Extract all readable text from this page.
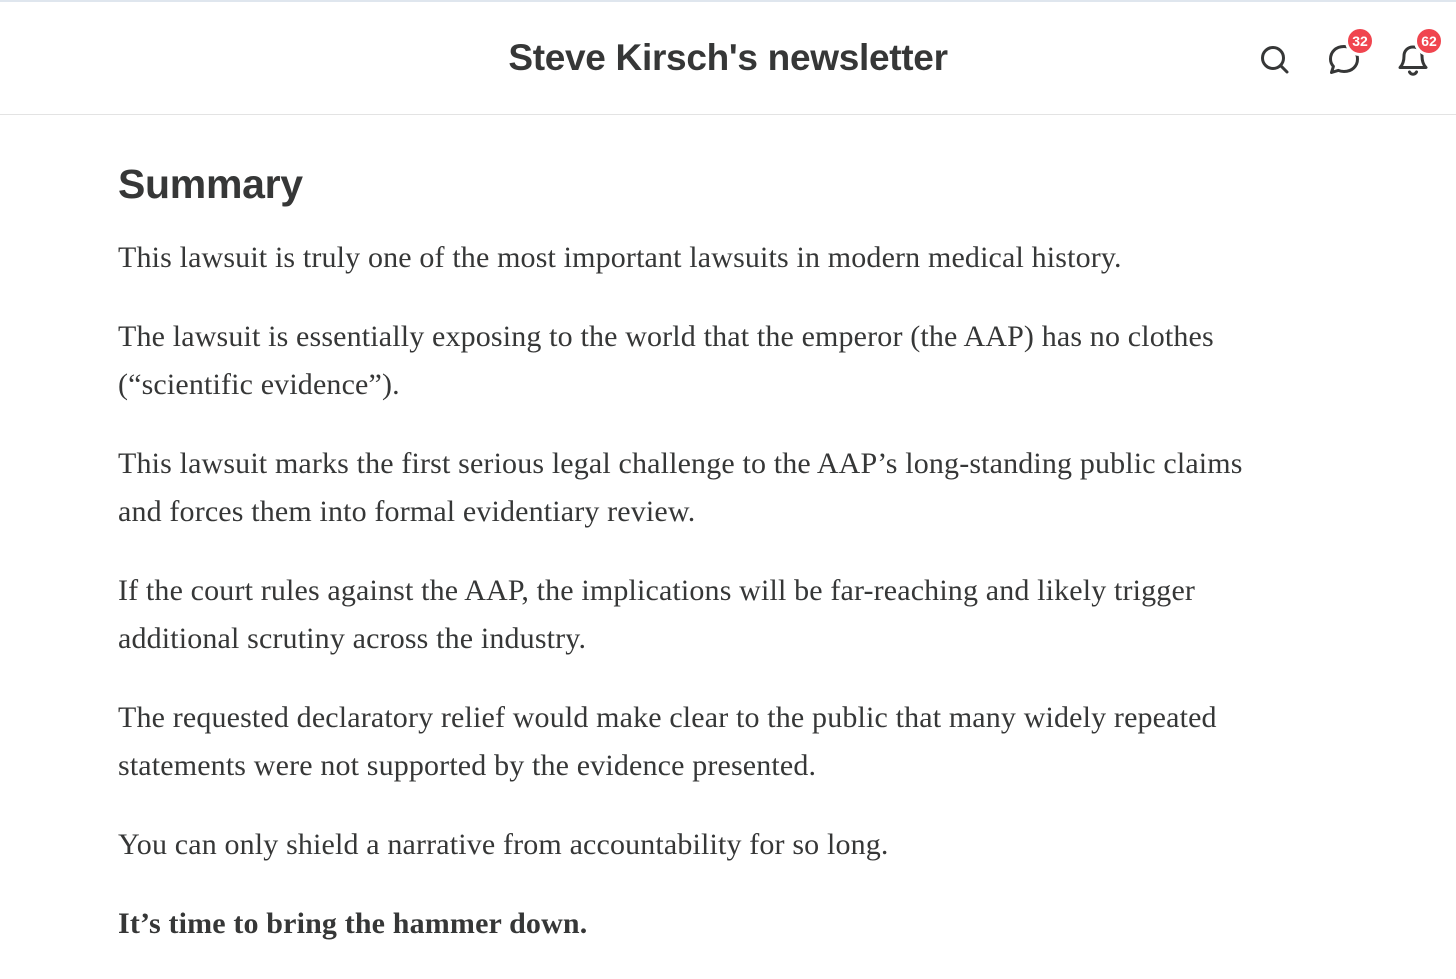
Steve Kirsch's newsletter	32	62
Summary

This lawsuit is truly one of the most important lawsuits in modern medical history.

The lawsuit is essentially exposing to the world that the emperor (the AAP) has no clothes (“scientific evidence”).

This lawsuit marks the first serious legal challenge to the AAP’s long-standing public claims and forces them into formal evidentiary review.

If the court rules against the AAP, the implications will be far-reaching and likely trigger additional scrutiny across the industry.

The requested declaratory relief would make clear to the public that many widely repeated statements were not supported by the evidence presented.

You can only shield a narrative from accountability for so long.

It’s time to bring the hammer down.
